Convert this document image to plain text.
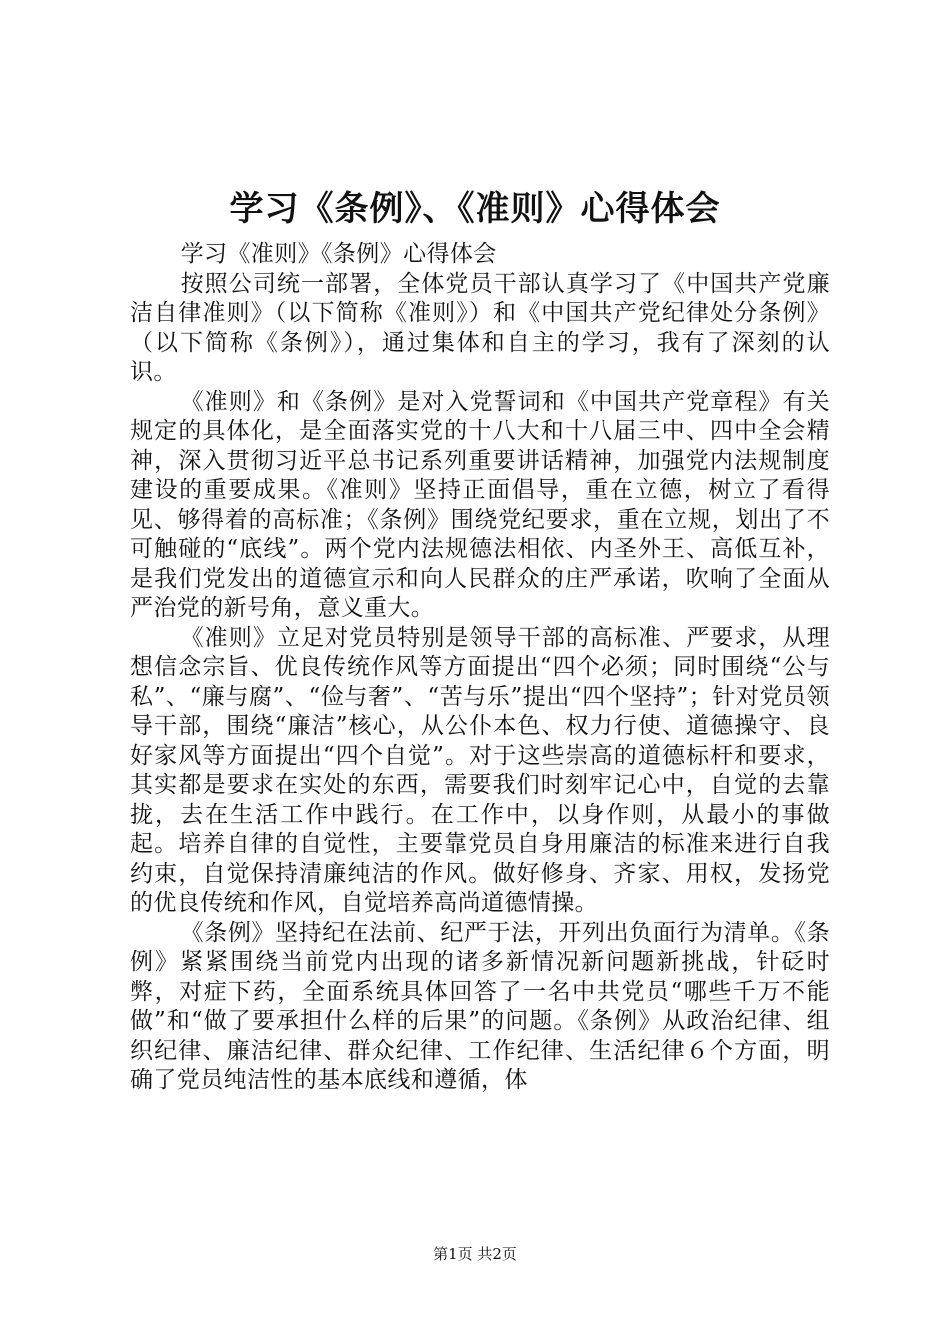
学习《条例》、《准则》心得体会

学习《准则》《条例》心得体会

按照公司统一部署，全体党员干部认真学习了《中国共产党廉洁自律准则》（以下简称《准则》）和《中国共产党纪律处分条例》（以下简称《条例》），通过集体和自主的学习，我有了深刻的认识。

《准则》和《条例》是对入党誓词和《中国共产党章程》有关规定的具体化，是全面落实党的十八大和十八届三中、四中全会精神，深入贯彻习近平总书记系列重要讲话精神，加强党内法规制度建设的重要成果。《准则》坚持正面倡导，重在立德，树立了看得见、够得着的高标准；《条例》围绕党纪要求，重在立规，划出了不可触碰的“底线”。两个党内法规德法相依、内圣外王、高低互补，是我们党发出的道德宣示和向人民群众的庄严承诺，吹响了全面从严治党的新号角，意义重大。

《准则》立足对党员特别是领导干部的高标准、严要求，从理想信念宗旨、优良传统作风等方面提出“四个必须；同时围绕“公与私”、“廉与腐”、“俭与奢”、“苦与乐”提出“四个坚持”；针对党员领导干部，围绕“廉洁”核心，从公仆本色、权力行使、道德操守、良好家风等方面提出“四个自觉”。对于这些崇高的道德标杆和要求，其实都是要求在实处的东西，需要我们时刻牢记心中，自觉的去靠拢，去在生活工作中践行。在工作中，以身作则，从最小的事做起。培养自律的自觉性，主要靠党员自身用廉洁的标准来进行自我约束，自觉保持清廉纯洁的作风。做好修身、齐家、用权，发扬党的优良传统和作风，自觉培养高尚道德情操。

《条例》坚持纪在法前、纪严于法，开列出负面行为清单。《条例》紧紧围绕当前党内出现的诸多新情况新问题新挑战，针砭时弊，对症下药，全面系统具体回答了一名中共党员“哪些千万不能做”和“做了要承担什么样的后果”的问题。《条例》从政治纪律、组织纪律、廉洁纪律、群众纪律、工作纪律、生活纪律６个方面，明确了党员纯洁性的基本底线和遵循，体

第1页 共2页
